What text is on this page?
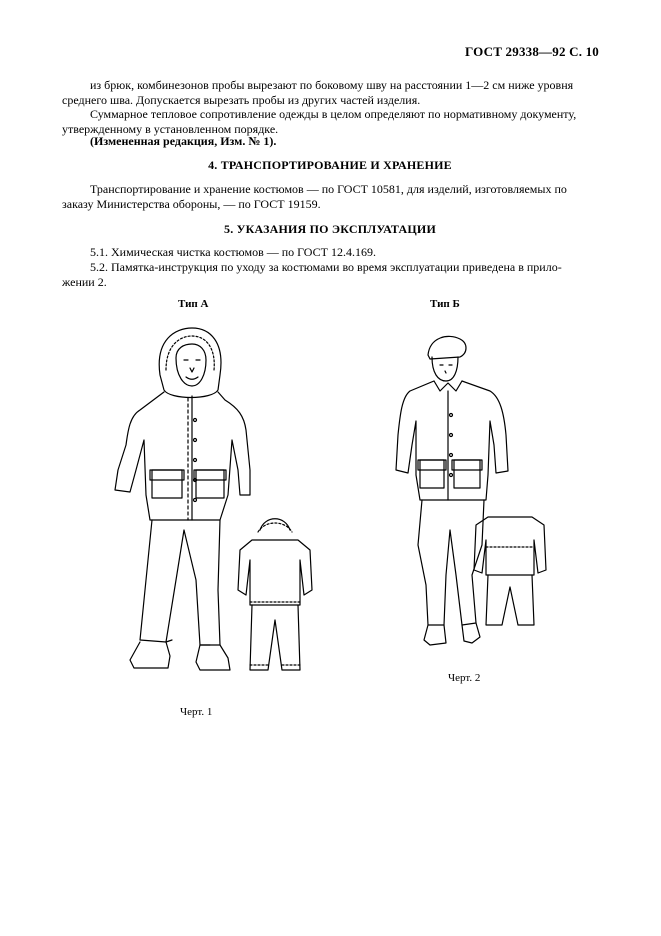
ГОСТ 29338—92 С. 10
из брюк, комбинезонов пробы вырезают по боковому шву на расстоянии 1—2 см ниже уровня
среднего шва. Допускается вырезать пробы из других частей изделия.
Суммарное тепловое сопротивление одежды в целом определяют по нормативному документу,
утвержденному в установленном порядке.
(Измененная редакция, Изм. № 1).
4. ТРАНСПОРТИРОВАНИЕ И ХРАНЕНИЕ
Транспортирование и хранение костюмов — по ГОСТ 10581, для изделий, изготовляемых по
заказу Министерства обороны, — по ГОСТ 19159.
5. УКАЗАНИЯ ПО ЭКСПЛУАТАЦИИ
5.1. Химическая чистка костюмов — по ГОСТ 12.4.169.
5.2. Памятка-инструкция по уходу за костюмами во время эксплуатации приведена в прило-
жении 2.
Тип А	Тип Б
Черт. 1
Черт. 2
